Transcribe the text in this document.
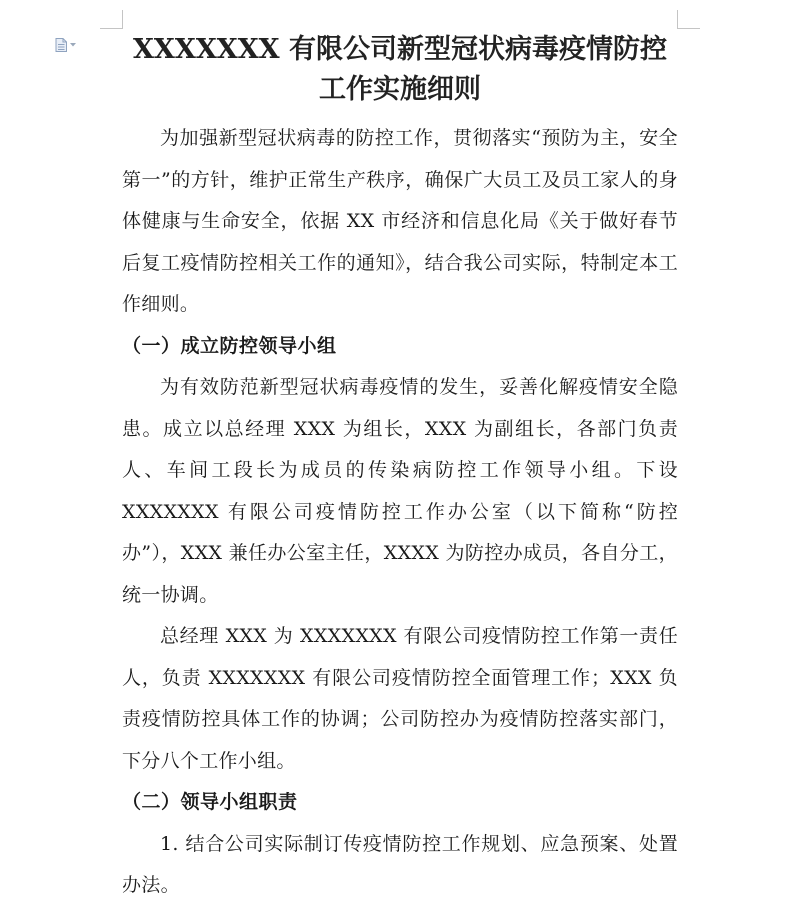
XXXXXXX 有限公司新型冠状病毒疫情防控工作实施细则

为加强新型冠状病毒的防控工作，贯彻落实“预防为主，安全第一”的方针，维护正常生产秩序，确保广大员工及员工家人的身体健康与生命安全，依据 XX 市经济和信息化局《关于做好春节后复工疫情防控相关工作的通知》，结合我公司实际，特制定本工作细则。

（一）成立防控领导小组

为有效防范新型冠状病毒疫情的发生，妥善化解疫情安全隐患。成立以总经理 XXX 为组长，XXX 为副组长，各部门负责人、车间工段长为成员的传染病防控工作领导小组。下设 XXXXXXX 有限公司疫情防控工作办公室（以下简称“防控办”），XXX 兼任办公室主任，XXXX 为防控办成员，各自分工，统一协调。

总经理 XXX 为 XXXXXXX 有限公司疫情防控工作第一责任人，负责 XXXXXXX 有限公司疫情防控全面管理工作；XXX 负责疫情防控具体工作的协调；公司防控办为疫情防控落实部门，下分八个工作小组。

（二）领导小组职责

1. 结合公司实际制订传疫情防控工作规划、应急预案、处置办法。
